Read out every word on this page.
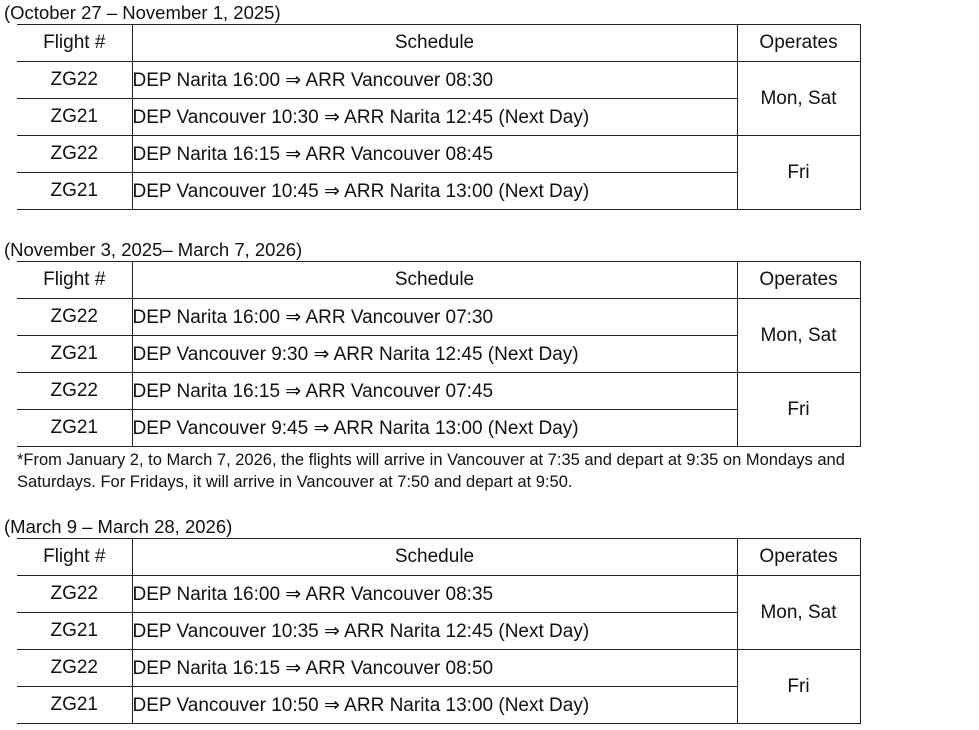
(October 27 – November 1, 2025)
Flight #	Schedule	Operates
ZG22	DEP Narita 16:00 ⇒ ARR Vancouver 08:30	Mon, Sat
ZG21	DEP Vancouver 10:30 ⇒ ARR Narita 12:45 (Next Day)	
ZG22	DEP Narita 16:15 ⇒ ARR Vancouver 08:45	Fri
ZG21	DEP Vancouver 10:45 ⇒ ARR Narita 13:00 (Next Day)	
(November 3, 2025– March 7, 2026)
Flight #	Schedule	Operates
ZG22	DEP Narita 16:00 ⇒ ARR Vancouver 07:30	Mon, Sat
ZG21	DEP Vancouver 9:30 ⇒ ARR Narita 12:45 (Next Day)	
ZG22	DEP Narita 16:15 ⇒ ARR Vancouver 07:45	Fri
ZG21	DEP Vancouver 9:45 ⇒ ARR Narita 13:00 (Next Day)	
*From January 2, to March 7, 2026, the flights will arrive in Vancouver at 7:35 and depart at 9:35 on Mondays and
Saturdays. For Fridays, it will arrive in Vancouver at 7:50 and depart at 9:50.
(March 9 – March 28, 2026)
Flight #	Schedule	Operates
ZG22	DEP Narita 16:00 ⇒ ARR Vancouver 08:35	Mon, Sat
ZG21	DEP Vancouver 10:35 ⇒ ARR Narita 12:45 (Next Day)	
ZG22	DEP Narita 16:15 ⇒ ARR Vancouver 08:50	Fri
ZG21	DEP Vancouver 10:50 ⇒ ARR Narita 13:00 (Next Day)	
